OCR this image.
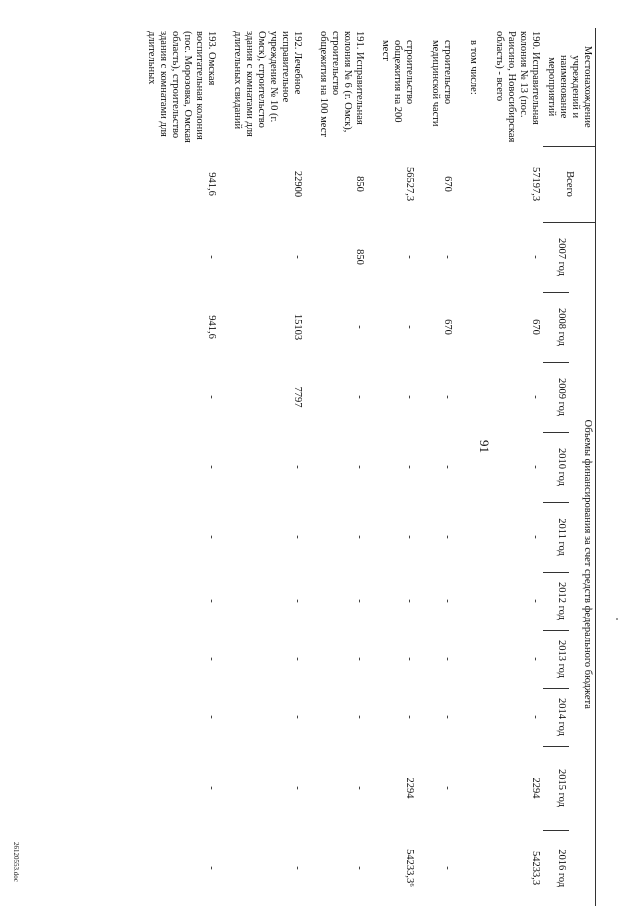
91
Местонахождение учреждений и наименование мероприятий	Всего	Объемы финансирования за счет средств федерального бюджета									
		2007 год	2008 год	2009 год	2010 год	2011 год	2012 год	2013 год	2014 год	2015 год	2016 год
190. Исправительная колония № 13 (пос. Раисино, Новосибирская область) - всего	57197,3	-	670	-	-	-	-	-	-	2294	54233,3
в том числе:											
строительство медицинской части	670	-	670	-	-	-	-	-	-	-	-
строительство общежития на 200 мест	56527,3	-	-	-	-	-	-	-	-	2294	54233,3⁶
191. Исправительная колония № 6 (г. Омск), строительство общежития на 100 мест	850	850	-	-	-	-	-	-	-	-	-
192. Лечебное исправительное учреждение № 10 (г. Омск), строительство здания с комнатами для длительных свиданий	22900	-	15103	7797	-	-	-	-	-	-	-
193. Омская воспитательная колония (пос. Морозовка, Омская область), строительство здания с комнатами для длительных	941,6	-	941,6	-	-	-	-	-	-	-	-
26120553.doc
